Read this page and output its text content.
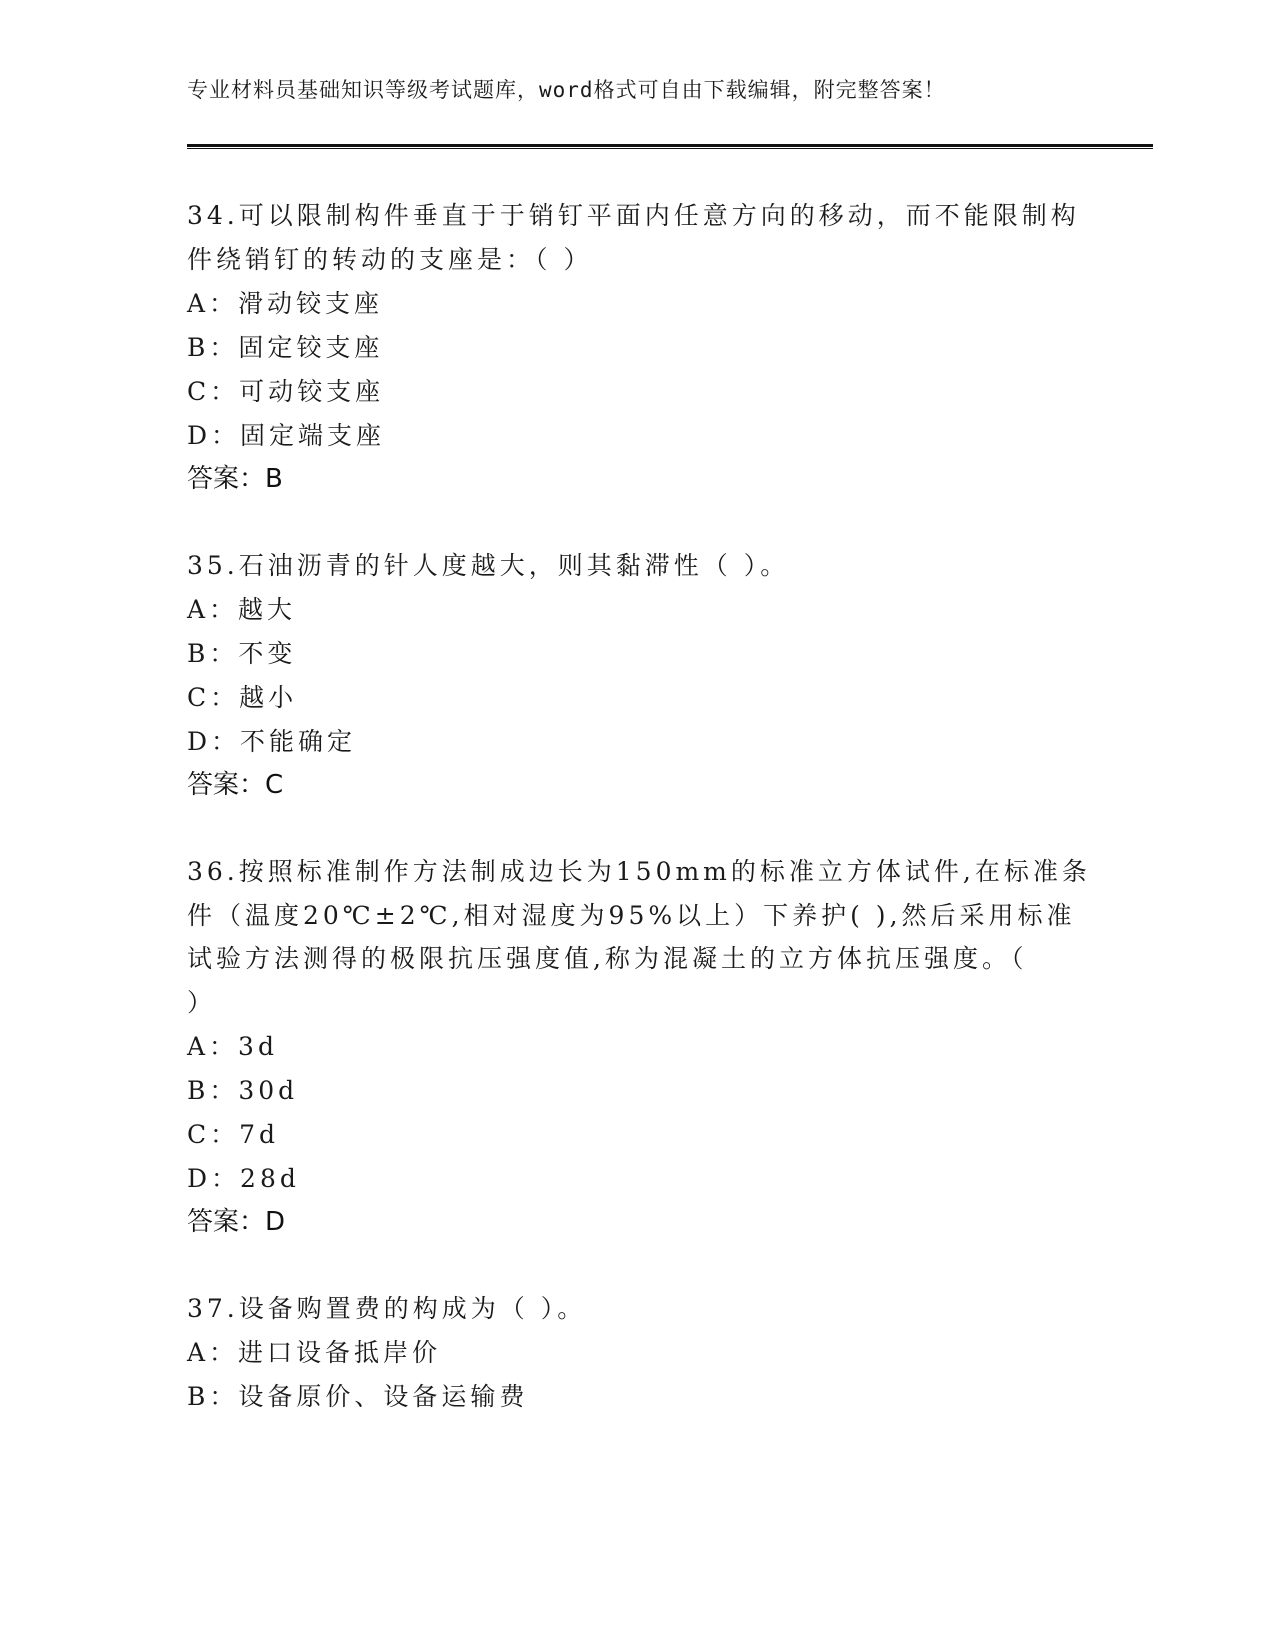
专业材料员基础知识等级考试题库，word格式可自由下载编辑，附完整答案！
34.可以限制构件垂直于于销钉平面内任意方向的移动，而不能限制构
件绕销钉的转动的支座是：（ ）
A：滑动铰支座
B：固定铰支座
C：可动铰支座
D：固定端支座
答案：B
35.石油沥青的针人度越大，则其黏滞性（ ）。
A：越大
B：不变
C：越小
D：不能确定
答案：C
36.按照标准制作方法制成边长为150mm的标准立方体试件,在标准条
件（温度20℃±2℃,相对湿度为95%以上）下养护( ),然后采用标准
试验方法测得的极限抗压强度值,称为混凝土的立方体抗压强度。（
）
A：3d
B：30d
C：7d
D：28d
答案：D
37.设备购置费的构成为（ ）。
A：进口设备抵岸价
B：设备原价、设备运输费
